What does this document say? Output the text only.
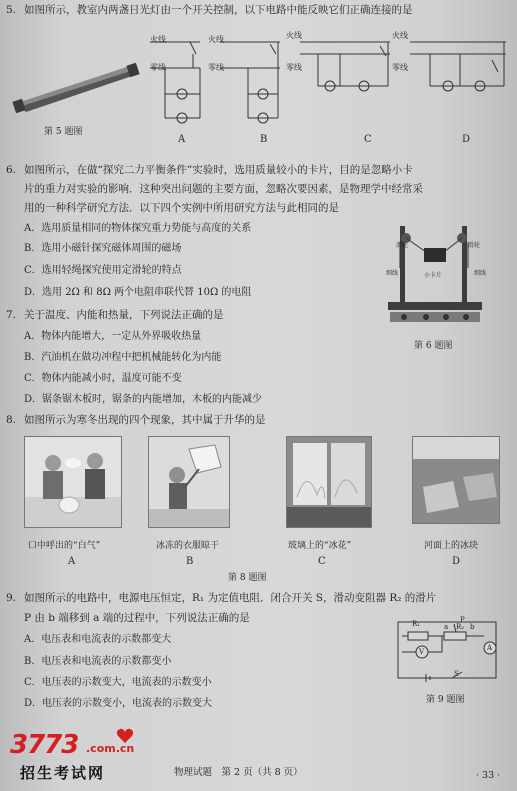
5. 如图所示，教室内两盏日光灯由一个开关控制，以下电路中能反映它们正确连接的是
第 5 题图
火线
零线
火线
零线
火线
零线
火线
零线
A	B	C	D
6. 如图所示，在做“探究二力平衡条件”实验时，选用质量较小的卡片，目的是忽略小卡
片的重力对实验的影响．这种突出问题的主要方面，忽略次要因素，是物理学中经常采
用的一种科学研究方法．以下四个实例中所用研究方法与此相同的是
A．选用质量相同的物体探究重力势能与高度的关系
B．选用小磁针探究磁体周围的磁场
C．选用轻绳探究使用定滑轮的特点
D．选用 2Ω 和 8Ω 两个电阻串联代替 10Ω 的电阻
滑轮	滑轮
细线	细线
小卡片
第 6 题图
7. 关于温度、内能和热量，下列说法正确的是
A．物体内能增大，一定从外界吸收热量
B．汽油机在做功冲程中把机械能转化为内能
C．物体内能减小时，温度可能不变
D．锯条锯木板时，锯条的内能增加，木板的内能减少
8. 如图所示为寒冬出现的四个现象，其中属于升华的是
口中呼出的“白气”	冰冻的衣服晾干	玻璃上的“冰花”	河面上的冰块
A	B	C	D
第 8 题图
9. 如图所示的电路中，电源电压恒定，R₁ 为定值电阻．闭合开关 S，滑动变阻器 R₂ 的滑片
P 由 b 端移到 a 端的过程中，下列说法正确的是
A．电压表和电流表的示数都变大
B．电压表和电流表的示数都变小
C．电压表的示数变大，电流表的示数变小
D．电压表的示数变小，电流表的示数变大
R₁	R₂
P
a	b
V	A
S
第 9 题图
3773 .com.cn
招生考试网	物理试题　第 2 页（共 8 页）	· 33 ·
